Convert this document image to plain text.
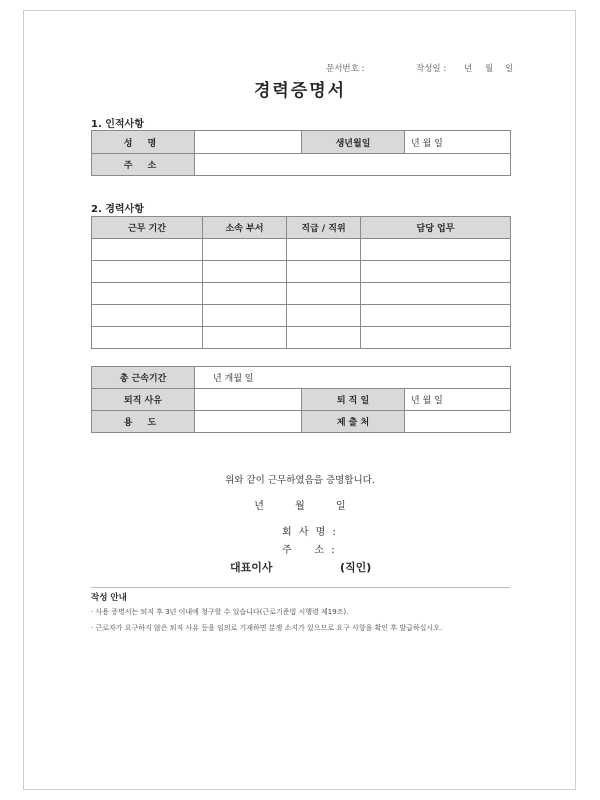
문서번호 :	작성일 : 년 월 일
경력증명서
1. 인적사항
성 명		생년월일	년 월 일
주 소			
2. 경력사항
근무 기간	소속 부서	직급 / 직위	담당 업무

총 근속기간	년 개월 일		
퇴직 사유		퇴 직 일	년 월 일
용 도		제 출 처	
위와 같이 근무하였음을 증명합니다.
년	월	일
회 사 명 :
주    소 :
대표이사	(직인)
작성 안내
· 사용 증명서는 퇴직 후 3년 이내에 청구할 수 있습니다(근로기준법 시행령 제19조).
· 근로자가 요구하지 않은 퇴직 사유 등을 임의로 기재하면 분쟁 소지가 있으므로 요구 사항을 확인 후 발급하십시오.
